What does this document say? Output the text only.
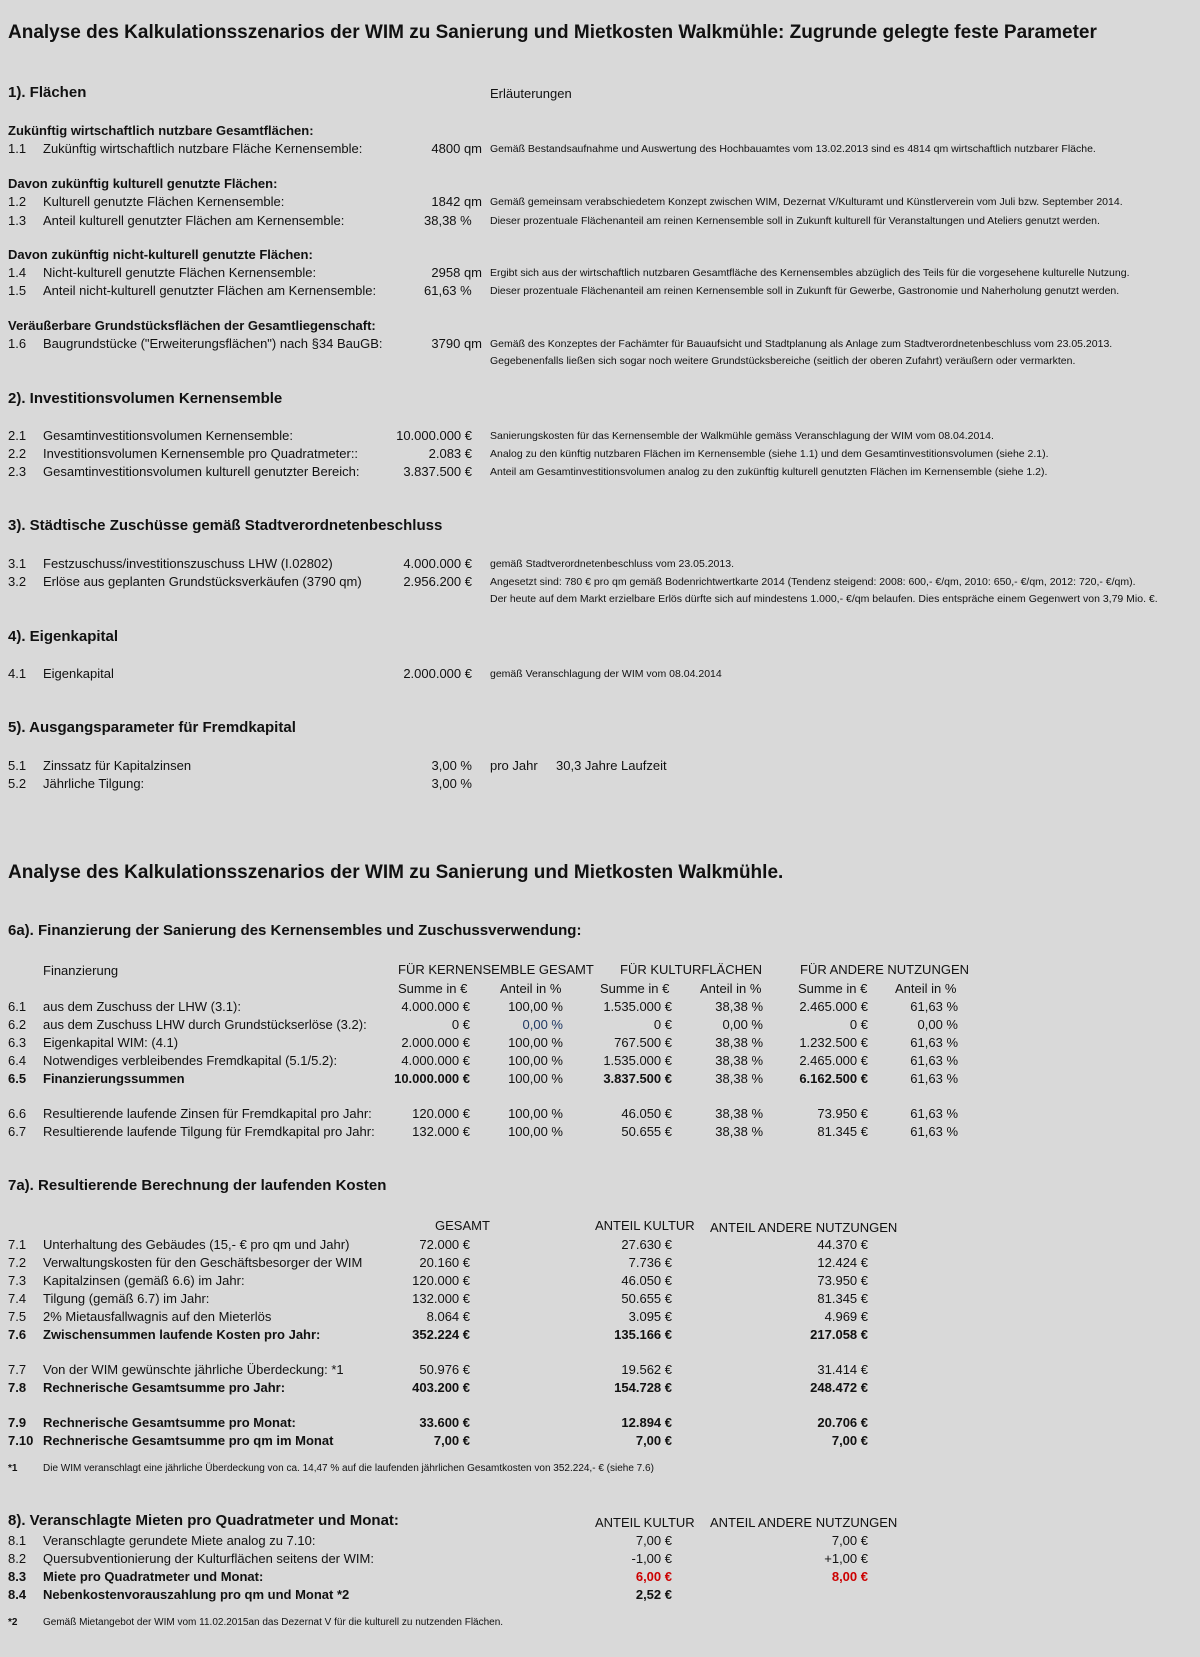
Analyse des Kalkulationsszenarios der WIM zu Sanierung und Mietkosten Walkmühle: Zugrunde gelegte feste Parameter
1). Flächen	Erläuterungen
Zukünftig wirtschaftlich nutzbare Gesamtflächen:
1.1 Zukünftig wirtschaftlich nutzbare Fläche Kernensemble:	4800 qm Gemäß Bestandsaufnahme und Auswertung des Hochbauamtes vom 13.02.2013 sind es 4814 qm wirtschaftlich nutzbarer Fläche.
Davon zukünftig kulturell genutzte Flächen:
1.2 Kulturell genutzte Flächen Kernensemble:	1842 qm Gemäß gemeinsam verabschiedetem Konzept zwischen WIM, Dezernat V/Kulturamt und Künstlerverein vom Juli bzw. September 2014.
1.3 Anteil kulturell genutzter Flächen am Kernensemble:	38,38 % Dieser prozentuale Flächenanteil am reinen Kernensemble soll in Zukunft kulturell für Veranstaltungen und Ateliers genutzt werden.
Davon zukünftig nicht-kulturell genutzte Flächen:
1.4 Nicht-kulturell genutzte Flächen Kernensemble:	2958 qm Ergibt sich aus der wirtschaftlich nutzbaren Gesamtfläche des Kernensembles abzüglich des Teils für die vorgesehene kulturelle Nutzung.
1.5 Anteil nicht-kulturell genutzter Flächen am Kernensemble:	61,63 % Dieser prozentuale Flächenanteil am reinen Kernensemble soll in Zukunft für Gewerbe, Gastronomie und Naherholung genutzt werden.
Veräußerbare Grundstücksflächen der Gesamtliegenschaft:
1.6 Baugrundstücke ("Erweiterungsflächen") nach §34 BauGB:	3790 qm Gemäß des Konzeptes der Fachämter für Bauaufsicht und Stadtplanung als Anlage zum Stadtverordnetenbeschluss vom 23.05.2013.
Gegebenenfalls ließen sich sogar noch weitere Grundstücksbereiche (seitlich der oberen Zufahrt) veräußern oder vermarkten.
2). Investitionsvolumen Kernensemble
2.1 Gesamtinvestitionsvolumen Kernensemble:	10.000.000 € Sanierungskosten für das Kernensemble der Walkmühle gemäss Veranschlagung der WIM vom 08.04.2014.
2.2 Investitionsvolumen Kernensemble pro Quadratmeter::	2.083 € Analog zu den künftig nutzbaren Flächen im Kernensemble (siehe 1.1) und dem Gesamtinvestitionsvolumen (siehe 2.1).
2.3 Gesamtinvestitionsvolumen kulturell genutzter Bereich:	3.837.500 € Anteil am Gesamtinvestitionsvolumen analog zu den zukünftig kulturell genutzten Flächen im Kernensemble (siehe 1.2).
3). Städtische Zuschüsse gemäß Stadtverordnetenbeschluss
3.1 Festzuschuss/investitionszuschuss LHW (I.02802)	4.000.000 € gemäß Stadtverordnetenbeschluss vom 23.05.2013.
3.2 Erlöse aus geplanten Grundstücksverkäufen (3790 qm)	2.956.200 € Angesetzt sind: 780 € pro qm gemäß Bodenrichtwertkarte 2014 (Tendenz steigend: 2008: 600,- €/qm, 2010: 650,- €/qm, 2012: 720,- €/qm).
Der heute auf dem Markt erzielbare Erlös dürfte sich auf mindestens 1.000,- €/qm belaufen. Dies entspräche einem Gegenwert von 3,79 Mio. €.
4). Eigenkapital
4.1 Eigenkapital	2.000.000 € gemäß Veranschlagung der WIM vom 08.04.2014
5). Ausgangsparameter für Fremdkapital
5.1 Zinssatz für Kapitalzinsen	3,00 % pro Jahr 30,3 Jahre Laufzeit
5.2 Jährliche Tilgung:	3,00 %
Analyse des Kalkulationsszenarios der WIM zu Sanierung und Mietkosten Walkmühle.
6a). Finanzierung der Sanierung des Kernensembles und Zuschussverwendung:
Finanzierung	FÜR KERNENSEMBLE GESAMT FÜR KULTURFLÄCHEN	FÜR ANDERE NUTZUNGEN
Summe in €	Anteil in %	Summe in € Anteil in %	Summe in € Anteil in %
6.1 aus dem Zuschuss der LHW (3.1):	4.000.000 €	100,00 %	1.535.000 €	38,38 %	2.465.000 €	61,63 %
6.2 aus dem Zuschuss LHW durch Grundstückserlöse (3.2):	0 €	0,00 %	0 €	0,00 %	0 €	0,00 %
6.3 Eigenkapital WIM: (4.1)	2.000.000 €	100,00 %	767.500 €	38,38 %	1.232.500 €	61,63 %
6.4 Notwendiges verbleibendes Fremdkapital (5.1/5.2):	4.000.000 €	100,00 %	1.535.000 €	38,38 %	2.465.000 €	61,63 %
6.5 Finanzierungssummen	10.000.000 €	100,00 %	3.837.500 €	38,38 %	6.162.500 €	61,63 %
6.6 Resultierende laufende Zinsen für Fremdkapital pro Jahr:	120.000 €	100,00 %	46.050 €	38,38 %	73.950 €	61,63 %
6.7 Resultierende laufende Tilgung für Fremdkapital pro Jahr:	132.000 €	100,00 %	50.655 €	38,38 %	81.345 €	61,63 %
7a). Resultierende Berechnung der laufenden Kosten
GESAMT	ANTEIL KULTUR ANTEIL ANDERE NUTZUNGEN
7.1 Unterhaltung des Gebäudes (15,- € pro qm und Jahr)	72.000 €	27.630 €	44.370 €
7.2 Verwaltungskosten für den Geschäftsbesorger der WIM	20.160 €	7.736 €	12.424 €
7.3 Kapitalzinsen (gemäß 6.6) im Jahr:	120.000 €	46.050 €	73.950 €
7.4 Tilgung (gemäß 6.7) im Jahr:	132.000 €	50.655 €	81.345 €
7.5 2% Mietausfallwagnis auf den Mieterlös	8.064 €	3.095 €	4.969 €
7.6 Zwischensummen laufende Kosten pro Jahr:	352.224 €	135.166 €	217.058 €
7.7 Von der WIM gewünschte jährliche Überdeckung: *1	50.976 €	19.562 €	31.414 €
7.8 Rechnerische Gesamtsumme pro Jahr:	403.200 €	154.728 €	248.472 €
7.9 Rechnerische Gesamtsumme pro Monat:	33.600 €	12.894 €	20.706 €
7.10 Rechnerische Gesamtsumme pro qm im Monat	7,00 €	7,00 €	7,00 €
*1	Die WIM veranschlagt eine jährliche Überdeckung von ca. 14,47 % auf die laufenden jährlichen Gesamtkosten von 352.224,- € (siehe 7.6)
8). Veranschlagte Mieten pro Quadratmeter und Monat:	ANTEIL KULTUR ANTEIL ANDERE NUTZUNGEN
8.1 Veranschlagte gerundete Miete analog zu 7.10:	7,00 €	7,00 €
8.2 Quersubventionierung der Kulturflächen seitens der WIM:	-1,00 €	+1,00 €
8.3 Miete pro Quadratmeter und Monat:	6,00 €	8,00 €
8.4 Nebenkostenvorauszahlung pro qm und Monat *2	2,52 €
*2	Gemäß Mietangebot der WIM vom 11.02.2015an das Dezernat V für die kulturell zu nutzenden Flächen.
